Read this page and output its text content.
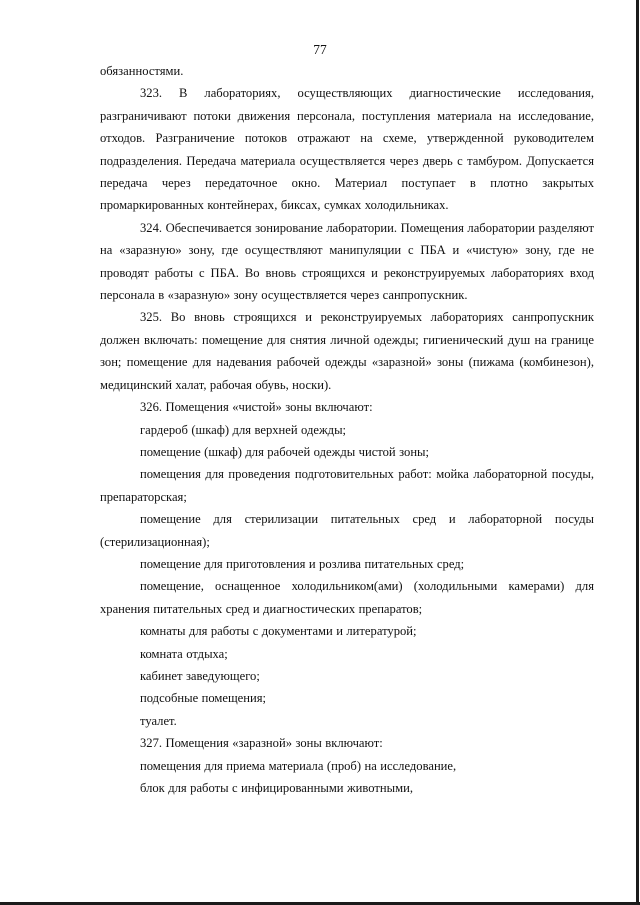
77

обязанностями.

323. В лабораториях, осуществляющих диагностические исследования, разграничивают потоки движения персонала, поступления материала на исследование, отходов. Разграничение потоков отражают на схеме, утвержденной руководителем подразделения. Передача материала осуществляется через дверь с тамбуром. Допускается передача через передаточное окно. Материал поступает в плотно закрытых промаркированных контейнерах, биксах, сумках холодильниках.

324. Обеспечивается зонирование лаборатории. Помещения лаборатории разделяют на «заразную» зону, где осуществляют манипуляции с ПБА и «чистую» зону, где не проводят работы с ПБА. Во вновь строящихся и реконструируемых лабораториях вход персонала в «заразную» зону осуществляется через санпропускник.

325. Во вновь строящихся и реконструируемых лабораториях санпропускник должен включать: помещение для снятия личной одежды; гигиенический душ на границе зон; помещение для надевания рабочей одежды «заразной» зоны (пижама (комбинезон), медицинский халат, рабочая обувь, носки).

326. Помещения «чистой» зоны включают:

гардероб (шкаф) для верхней одежды;

помещение (шкаф) для рабочей одежды чистой зоны;

помещения для проведения подготовительных работ: мойка лабораторной посуды, препараторская;

помещение для стерилизации питательных сред и лабораторной посуды (стерилизационная);

помещение для приготовления и розлива питательных сред;

помещение, оснащенное холодильником(ами) (холодильными камерами) для хранения питательных сред и диагностических препаратов;

комнаты для работы с документами и литературой;

комната отдыха;

кабинет заведующего;

подсобные помещения;

туалет.

327. Помещения «заразной» зоны включают:

помещения для приема материала (проб) на исследование,

блок для работы с инфицированными животными,
